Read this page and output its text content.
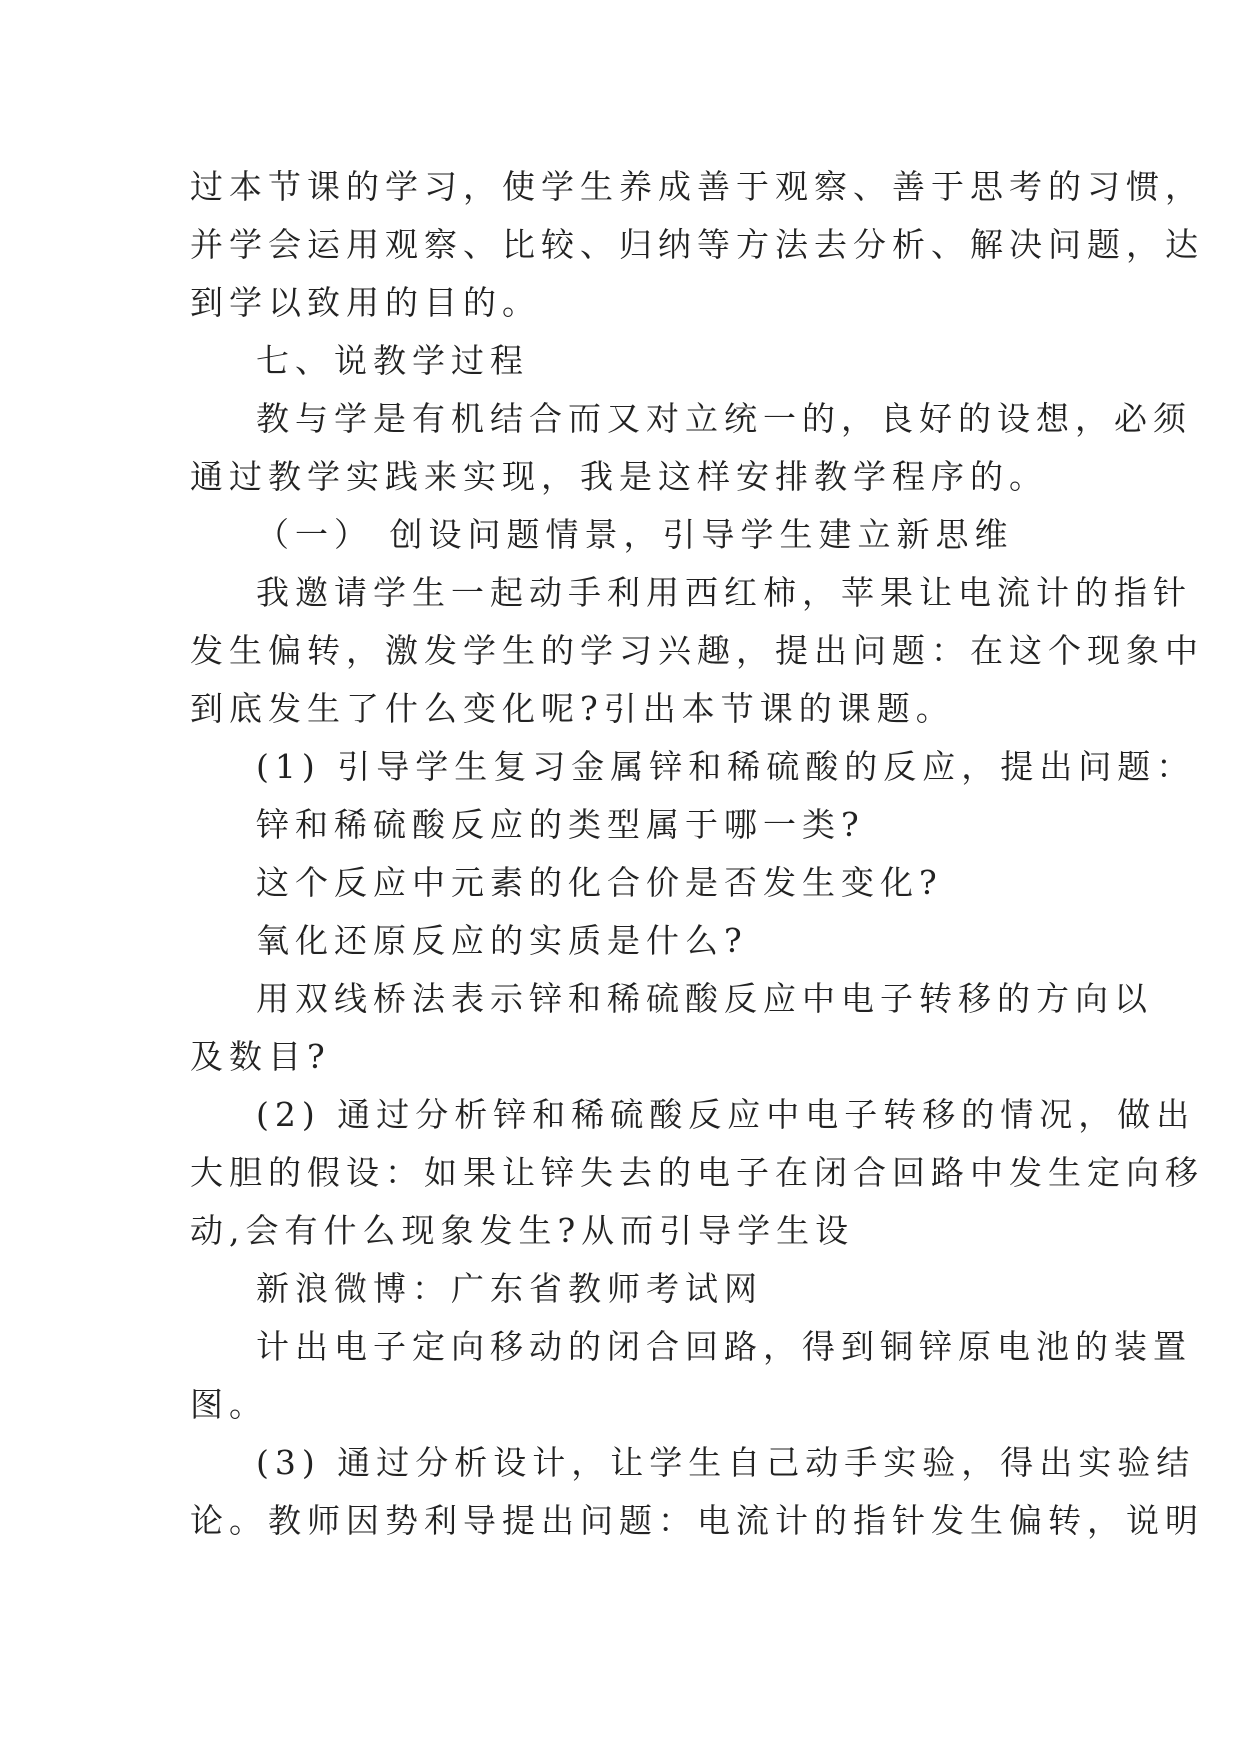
过本节课的学习，使学生养成善于观察、善于思考的习惯，
并学会运用观察、比较、归纳等方法去分析、解决问题，达
到学以致用的目的。
七、说教学过程
教与学是有机结合而又对立统一的，良好的设想，必须
通过教学实践来实现，我是这样安排教学程序的。
（一） 创设问题情景，引导学生建立新思维
我邀请学生一起动手利用西红柿，苹果让电流计的指针
发生偏转，激发学生的学习兴趣，提出问题：在这个现象中
到底发生了什么变化呢?引出本节课的课题。
(1) 引导学生复习金属锌和稀硫酸的反应，提出问题：
锌和稀硫酸反应的类型属于哪一类?
这个反应中元素的化合价是否发生变化?
氧化还原反应的实质是什么?
用双线桥法表示锌和稀硫酸反应中电子转移的方向以
及数目?
(2) 通过分析锌和稀硫酸反应中电子转移的情况，做出
大胆的假设：如果让锌失去的电子在闭合回路中发生定向移
动,会有什么现象发生?从而引导学生设
新浪微博：广东省教师考试网
计出电子定向移动的闭合回路，得到铜锌原电池的装置
图。
(3) 通过分析设计，让学生自己动手实验，得出实验结
论。教师因势利导提出问题：电流计的指针发生偏转，说明
